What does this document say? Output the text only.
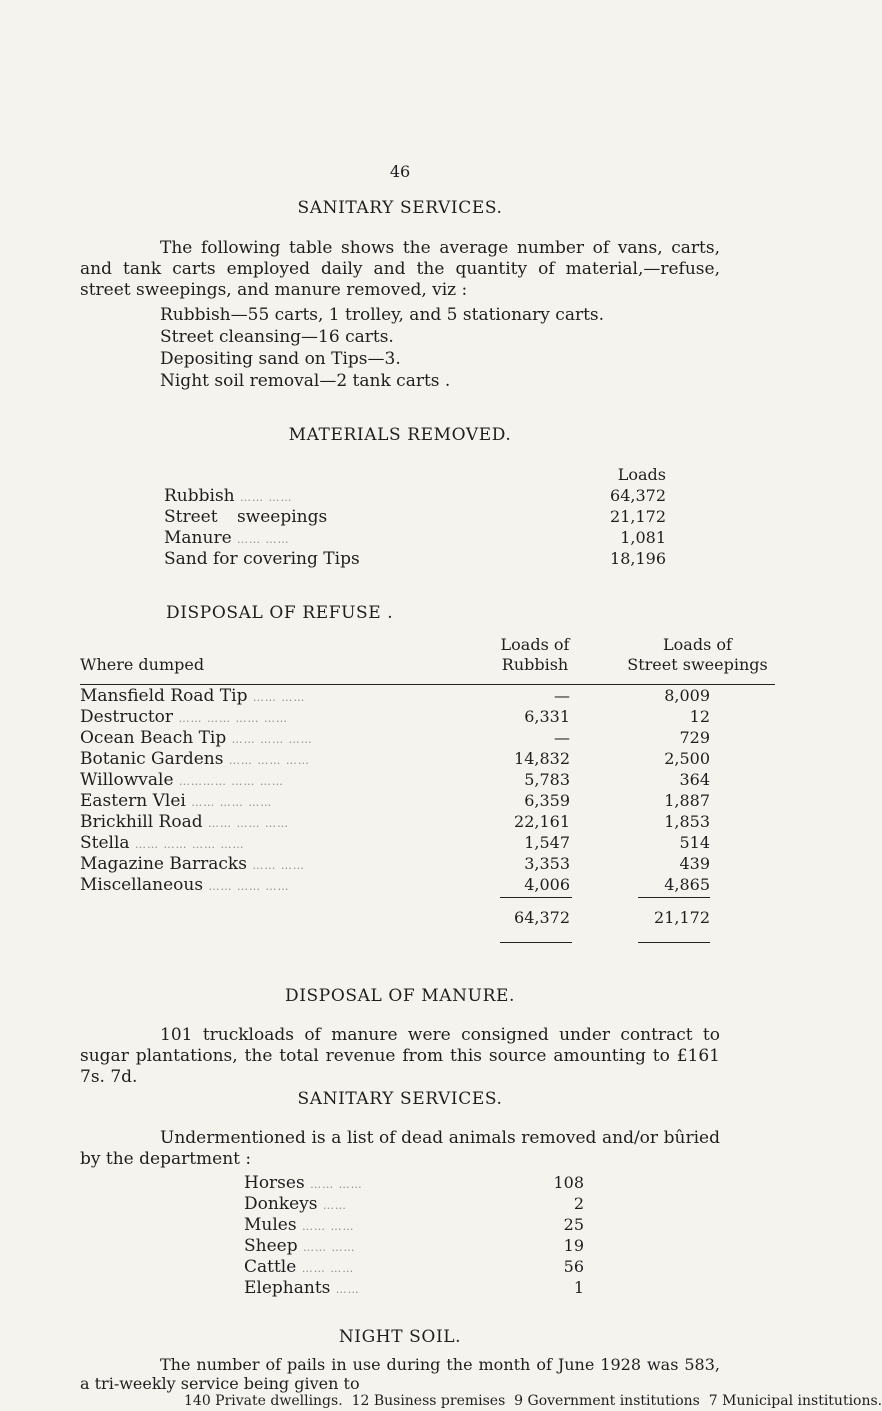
46
SANITARY SERVICES.
The following table shows the average number of vans, carts, and tank carts employed daily and the quantity of material,—refuse, street sweepings, and manure removed, viz :
Rubbish—55 carts, 1 trolley, and 5 stationary carts.
Street cleansing—16 carts.
Depositing sand on Tips—3.
Night soil removal—2 tank carts .
MATERIALS REMOVED.
Loads
Rubbish …… ……	64,372
Street sweepings	21,172
Manure …… ……	1,081
Sand for covering Tips	18,196
DISPOSAL OF REFUSE .
Loads of
Rubbish
Loads of
Street sweepings
Where dumped
Mansfield Road Tip …… ……	—	8,009
Destructor …… …… …… ……	6,331	12
Ocean Beach Tip …… …… ……	—	729
Botanic Gardens …… …… ……	14,832	2,500
Willowvale ………… …… ……	5,783	364
Eastern Vlei …… …… ……	6,359	1,887
Brickhill Road …… …… ……	22,161	1,853
Stella …… …… …… ……	1,547	514
Magazine Barracks …… ……	3,353	439
Miscellaneous …… …… ……	4,006	4,865
64,372	21,172
DISPOSAL OF MANURE.
101 truckloads of manure were consigned under contract to sugar plantations, the total revenue from this source amounting to £161 7s. 7d.
SANITARY SERVICES.
Undermentioned is a list of dead animals removed and/or bûried by the department :
Horses …… ……	108
Donkeys ……	2
Mules …… ……	25
Sheep …… ……	19
Cattle …… ……	56
Elephants ……	1
NIGHT SOIL.
The number of pails in use during the month of June 1928 was 583, a tri-weekly service being given to
140 Private dwellings. 12 Business premises 9 Government institutions 7 Municipal institutions.
